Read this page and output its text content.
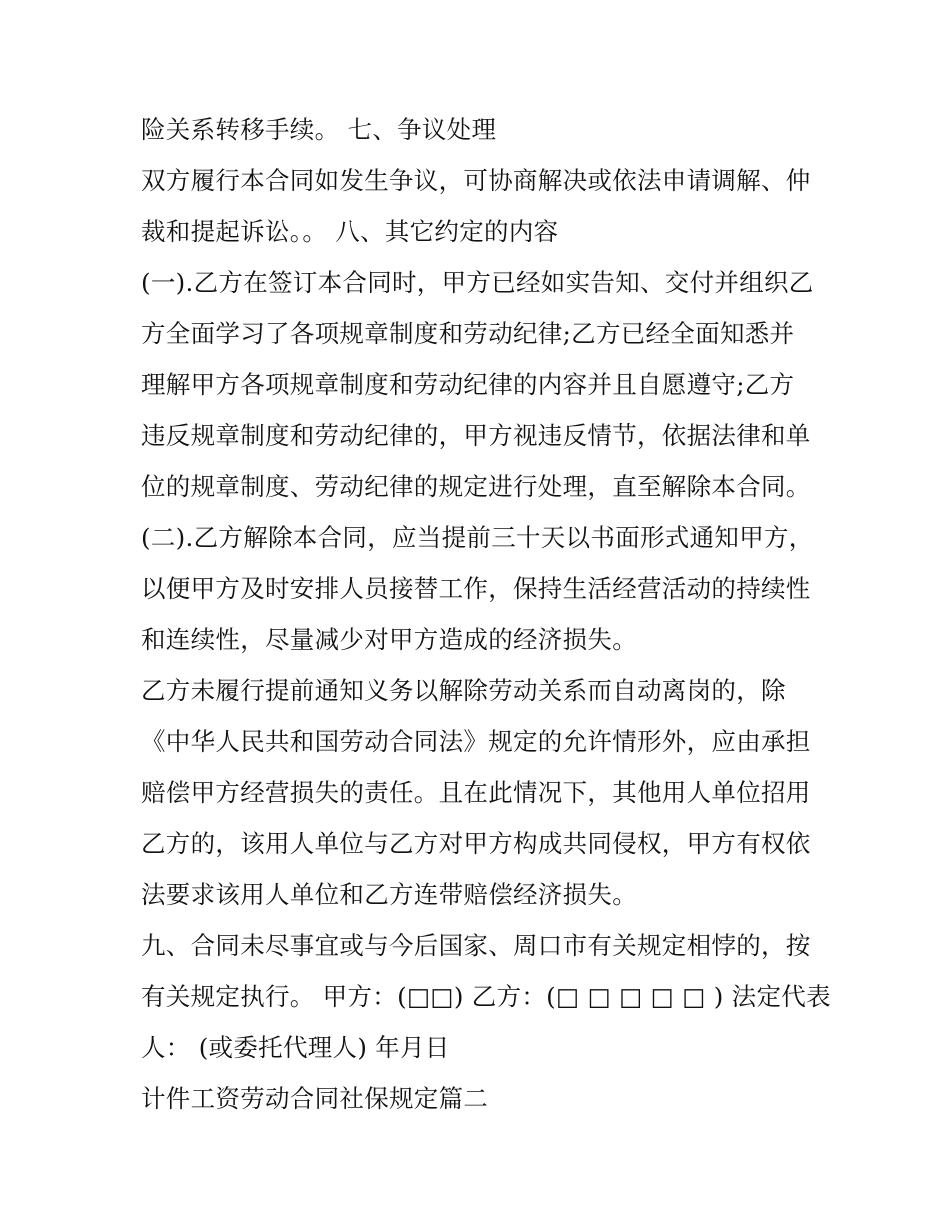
险关系转移手续。 七、争议处理
双方履行本合同如发生争议，可协商解决或依法申请调解、仲
裁和提起诉讼。。 八、其它约定的内容
(一).乙方在签订本合同时，甲方已经如实告知、交付并组织乙
方全面学习了各项规章制度和劳动纪律;乙方已经全面知悉并
理解甲方各项规章制度和劳动纪律的内容并且自愿遵守;乙方
违反规章制度和劳动纪律的，甲方视违反情节，依据法律和单
位的规章制度、劳动纪律的规定进行处理，直至解除本合同。
(二).乙方解除本合同，应当提前三十天以书面形式通知甲方，
以便甲方及时安排人员接替工作，保持生活经营活动的持续性
和连续性，尽量减少对甲方造成的经济损失。
乙方未履行提前通知义务以解除劳动关系而自动离岗的，除
《中华人民共和国劳动合同法》规定的允许情形外，应由承担
赔偿甲方经营损失的责任。且在此情况下，其他用人单位招用
乙方的，该用人单位与乙方对甲方构成共同侵权，甲方有权依
法要求该用人单位和乙方连带赔偿经济损失。
九、合同未尽事宜或与今后国家、周口市有关规定相悖的，按
有关规定执行。 甲方：(□□) 乙方：(□ □ □ □ □ ) 法定代表
人： (或委托代理人) 年月日
计件工资劳动合同社保规定篇二
